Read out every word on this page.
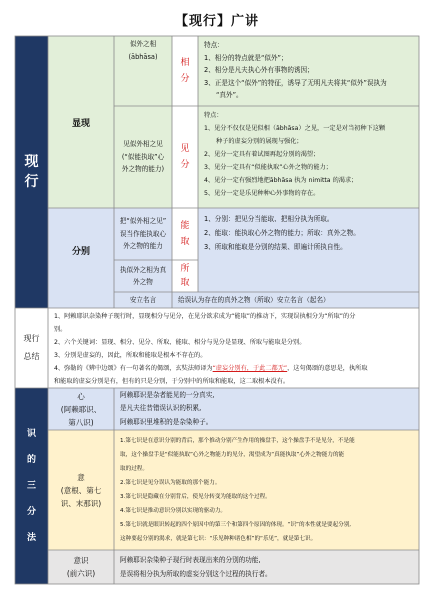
【现行】广讲
现
行
显现
似外之相
(ābhāsa)
相
分
特点：
1、相分的特点就是“似外”；
2、相分是凡夫执心外有事物的诱因；
3、正是这个“似外”的特征，诱导了无明凡夫将其“似外”误执为
“真外”。
见似外相之见
(“似能执取”心
外之物的能力)
见
分
特点：
1、见分不仅仅是见似相（ābhāsa）之见，一定是对当初种下这颗
种子的虚妄分别的展现与强化；
2、见分一定具有着试图再起分别的渴望；
3、见分一定具有“似能执取”心外之物的能力；
4、见分一定有强烈地把ābhāsa 执为 nimitta 的渴求；
5、见分一定是乐见种种心外事物的存在。
分别
把“似外相之见”
误当作能执取心
外之物的能力
能
取
1、分别：把见分当能取、把相分执为所取。
2、能取：能执取心外之物的能力；所取：真外之物。
3、所取和能取是分别的结果、即遍计所执自性。
执似外之相为真
外之物
所
取
安立名言	给误认为存在的真外之物（所取）安立名言（起名）
现行
总结
1、阿赖耶识杂染种子现行时，显现相分与见分，在见分欲求成为“能取”的推动下，实现误执相分为“所取”的分
别。
2、六个关键词：显现、相分、见分、所取、能取、相分与见分是显现、所取与能取是分别。
3、分别是虚妄的，因此，所取和能取是根本不存在的。
4、弥勒的《辨中边颂》有一句著名的偈颂，玄奘法师译为“虚妄分别有，于此二都无”，这句偈颂的意思是，执所取
和能取的虚妄分别是有，但有的只是分别，于分别中的所取和能取，这二取根本没有。
识
的
三
分
法
心
(阿赖耶识、
第八识)
阿赖耶识是杂者能见的一分真实,
是凡夫往昔错误认识的积累,
阿赖耶识里堆积的是杂染种子。
意
(意根、第七
识、末那识)
1.第七识是在意识分别的背后，那个推动分别产生作用的操盘手，这个操盘手不是见分，不是能
取，这个操盘手是“似能执取”心外之物能力的见分，渴望成为“真能执取”心外之物能力的能
取的过程。
2.第七识是见分误认为能取的那个能力。
3.第七识是隐藏在分别背后，使见分转变为能取的这个过程。
4.第七识是推动意识分别以实现的驱动力。
5.第七识就是眼识转起的四个原因中的第三个和第四个原因的体现。“识”的本性就是要起分别,
这种要起分别的渴求，就是第七识：“乐见种种诸色相”的“乐见”，就是第七识。
意识
(前六识)
阿赖耶识杂染种子现行时表现出来的分别的功能,
是误将相分执为所取的虚妄分别这个过程的执行者。
